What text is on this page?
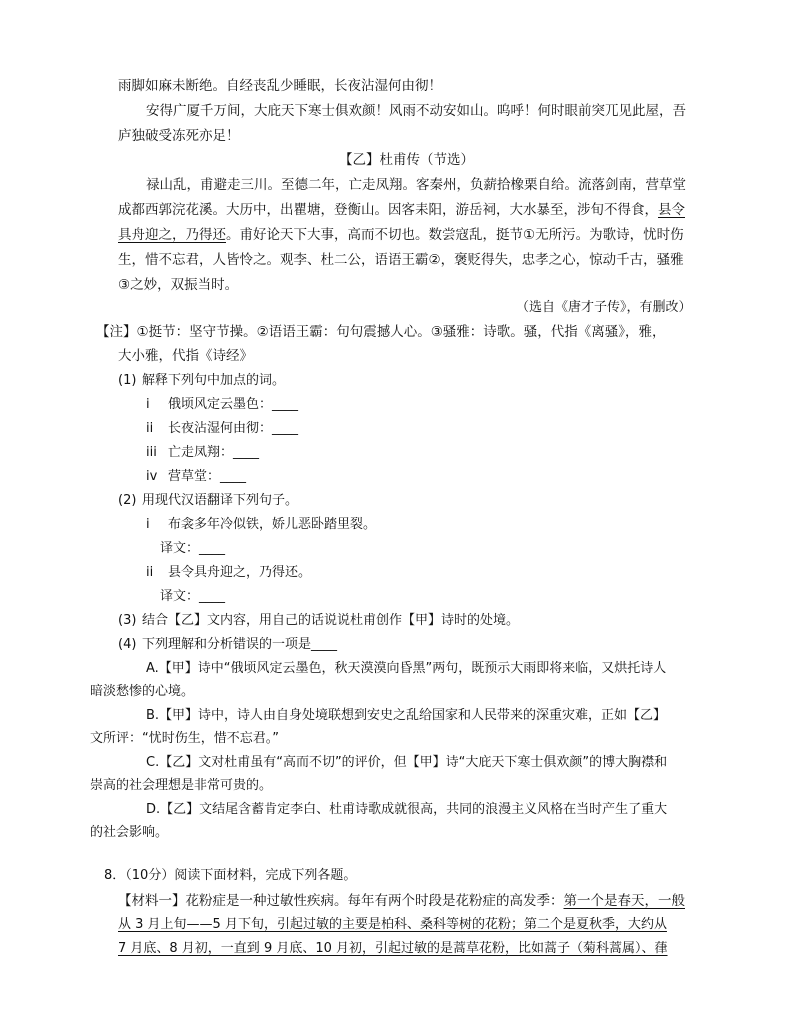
雨脚如麻未断绝。自经丧乱少睡眠，长夜沾湿何由彻！
安得广厦千万间，大庇天下寒士俱欢颜！风雨不动安如山。呜呼！何时眼前突兀见此屋，吾
庐独破受冻死亦足！
【乙】杜甫传（节选）
禄山乱，甫避走三川。至德二年，亡走凤翔。客秦州，负薪拾橡栗自给。流落剑南，营草堂
成都西郭浣花溪。大历中，出瞿塘，登衡山。因客耒阳，游岳祠，大水暴至，涉旬不得食，县令
具舟迎之，乃得还。甫好论天下大事，高而不切也。数尝寇乱，挺节①无所污。为歌诗，忧时伤
生，惜不忘君，人皆怜之。观李、杜二公，语语王霸②，褒贬得失，忠孝之心，惊动千古，骚雅
③之妙，双振当时。
（选自《唐才子传》，有删改）
【注】①挺节：坚守节操。②语语王霸：句句震撼人心。③骚雅：诗歌。骚，代指《离骚》，雅，
大小雅，代指《诗经》
(1) 解释下列句中加点的词。
i 俄顷风定云墨色：____
ii 长夜沾湿何由彻：____
iii 亡走凤翔：____
iv 营草堂：____
(2) 用现代汉语翻译下列句子。
i 布衾多年冷似铁，娇儿恶卧踏里裂。
译文：____
ii 县令具舟迎之，乃得还。
译文：____
(3) 结合【乙】文内容，用自己的话说说杜甫创作【甲】诗时的处境。
(4) 下列理解和分析错误的一项是____
A.【甲】诗中“俄顷风定云墨色，秋天漠漠向昏黑”两句，既预示大雨即将来临，又烘托诗人
暗淡愁惨的心境。
B.【甲】诗中，诗人由自身处境联想到安史之乱给国家和人民带来的深重灾难，正如【乙】
文所评：“忧时伤生，惜不忘君。”
C.【乙】文对杜甫虽有“高而不切”的评价，但【甲】诗“大庇天下寒士俱欢颜”的博大胸襟和
崇高的社会理想是非常可贵的。
D.【乙】文结尾含蓄肯定李白、杜甫诗歌成就很高，共同的浪漫主义风格在当时产生了重大
的社会影响。
8．（10分）阅读下面材料，完成下列各题。
【材料一】花粉症是一种过敏性疾病。每年有两个时段是花粉症的高发季：第一个是春天，一般
从 3 月上旬——5 月下旬，引起过敏的主要是柏科、桑科等树的花粉；第二个是夏秋季，大约从
7 月底、8 月初，一直到 9 月底、10 月初，引起过敏的是蒿草花粉，比如蒿子（菊科蒿属）、葎
